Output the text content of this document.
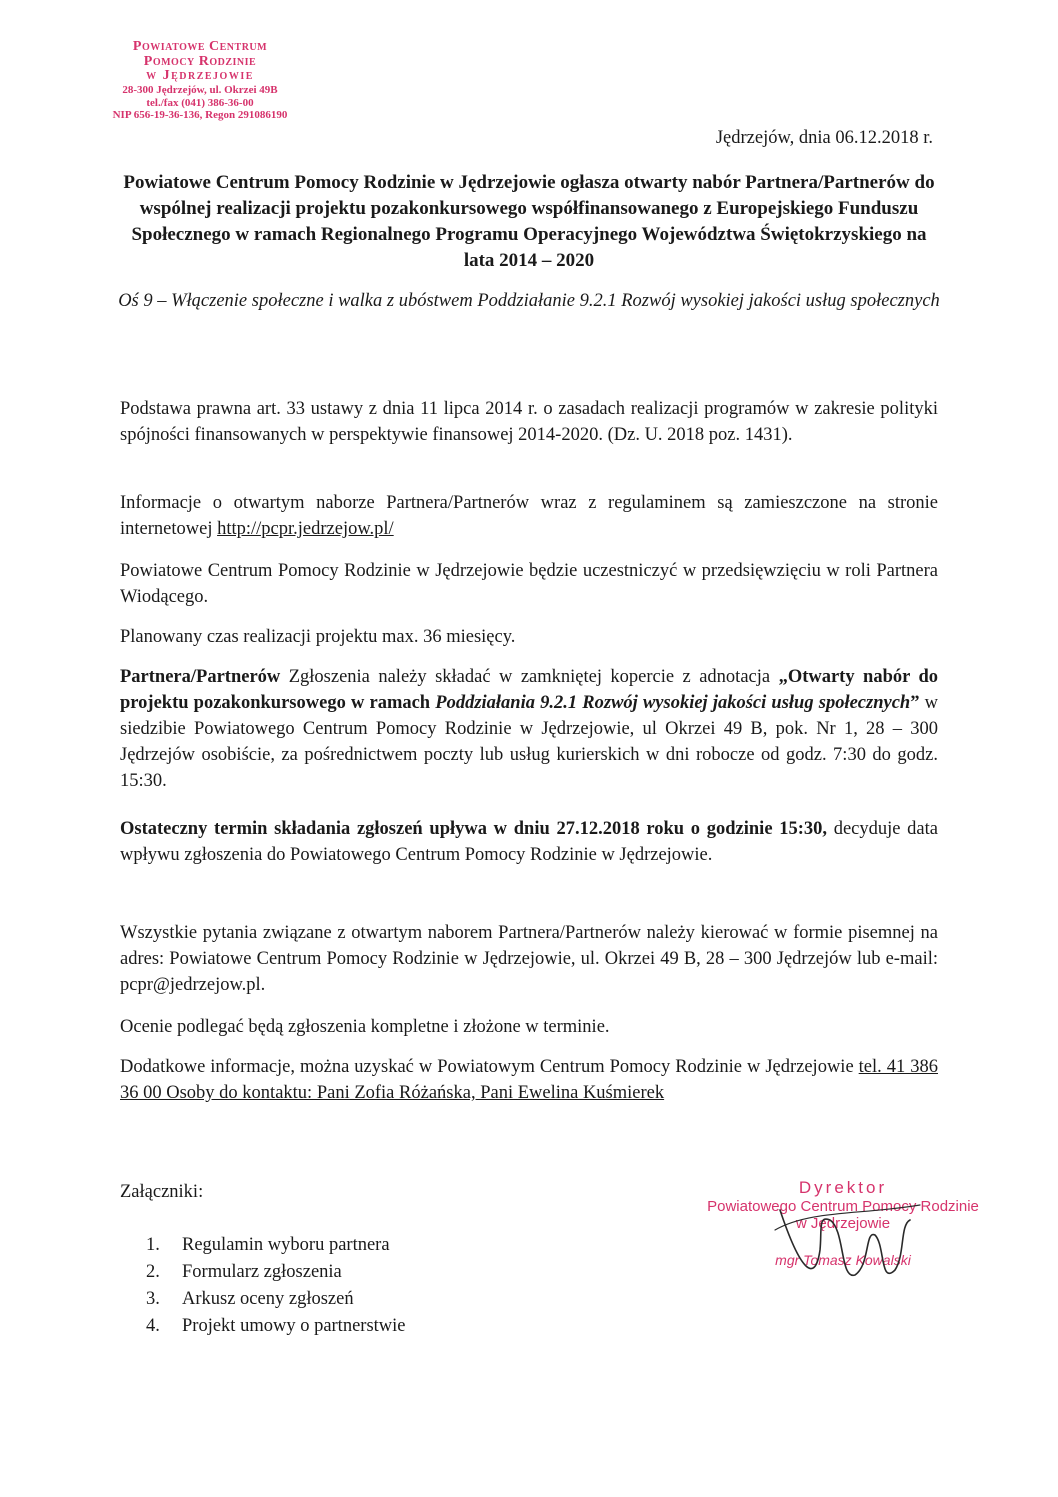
Powiatowe Centrum
Pomocy Rodzinie
w Jędrzejowie
28-300 Jędrzejów, ul. Okrzei 49B
tel./fax (041) 386-36-00
NIP 656-19-36-136, Regon 291086190
Jędrzejów, dnia 06.12.2018 r.
Powiatowe Centrum Pomocy Rodzinie w Jędrzejowie ogłasza otwarty nabór Partnera/Partnerów do wspólnej realizacji projektu pozakonkursowego współfinansowanego z Europejskiego Funduszu Społecznego w ramach Regionalnego Programu Operacyjnego Województwa Świętokrzyskiego na lata 2014 – 2020
Oś 9 – Włączenie społeczne i walka z ubóstwem Poddziałanie 9.2.1 Rozwój wysokiej jakości usług społecznych
Podstawa prawna art. 33 ustawy z dnia 11 lipca 2014 r. o zasadach realizacji programów w zakresie polityki spójności finansowanych w perspektywie finansowej 2014-2020. (Dz. U. 2018 poz. 1431).
Informacje o otwartym naborze Partnera/Partnerów wraz z regulaminem są zamieszczone na stronie internetowej http://pcpr.jedrzejow.pl/
Powiatowe Centrum Pomocy Rodzinie w Jędrzejowie będzie uczestniczyć w przedsięwzięciu w roli Partnera Wiodącego.
Planowany czas realizacji projektu max. 36 miesięcy.
Partnera/Partnerów Zgłoszenia należy składać w zamkniętej kopercie z adnotacja „Otwarty nabór do projektu pozakonkursowego w ramach Poddziałania 9.2.1 Rozwój wysokiej jakości usług społecznych” w siedzibie Powiatowego Centrum Pomocy Rodzinie w Jędrzejowie, ul Okrzei 49 B, pok. Nr 1, 28 – 300 Jędrzejów osobiście, za pośrednictwem poczty lub usług kurierskich w dni robocze od godz. 7:30 do godz. 15:30.
Ostateczny termin składania zgłoszeń upływa w dniu 27.12.2018 roku o godzinie 15:30, decyduje data wpływu zgłoszenia do Powiatowego Centrum Pomocy Rodzinie w Jędrzejowie.
Wszystkie pytania związane z otwartym naborem Partnera/Partnerów należy kierować w formie pisemnej na adres: Powiatowe Centrum Pomocy Rodzinie w Jędrzejowie, ul. Okrzei 49 B, 28 – 300 Jędrzejów lub e-mail: pcpr@jedrzejow.pl.
Ocenie podlegać będą zgłoszenia kompletne i złożone w terminie.
Dodatkowe informacje, można uzyskać w Powiatowym Centrum Pomocy Rodzinie w Jędrzejowie tel. 41 386 36 00 Osoby do kontaktu: Pani Zofia Różańska, Pani Ewelina Kuśmierek
Załączniki:
1.	Regulamin wyboru partnera
2.	Formularz zgłoszenia
3.	Arkusz oceny zgłoszeń
4.	Projekt umowy o partnerstwie
Dyrektor
Powiatowego Centrum Pomocy Rodzinie
w Jędrzejowie
mgr Tomasz Kowalski
